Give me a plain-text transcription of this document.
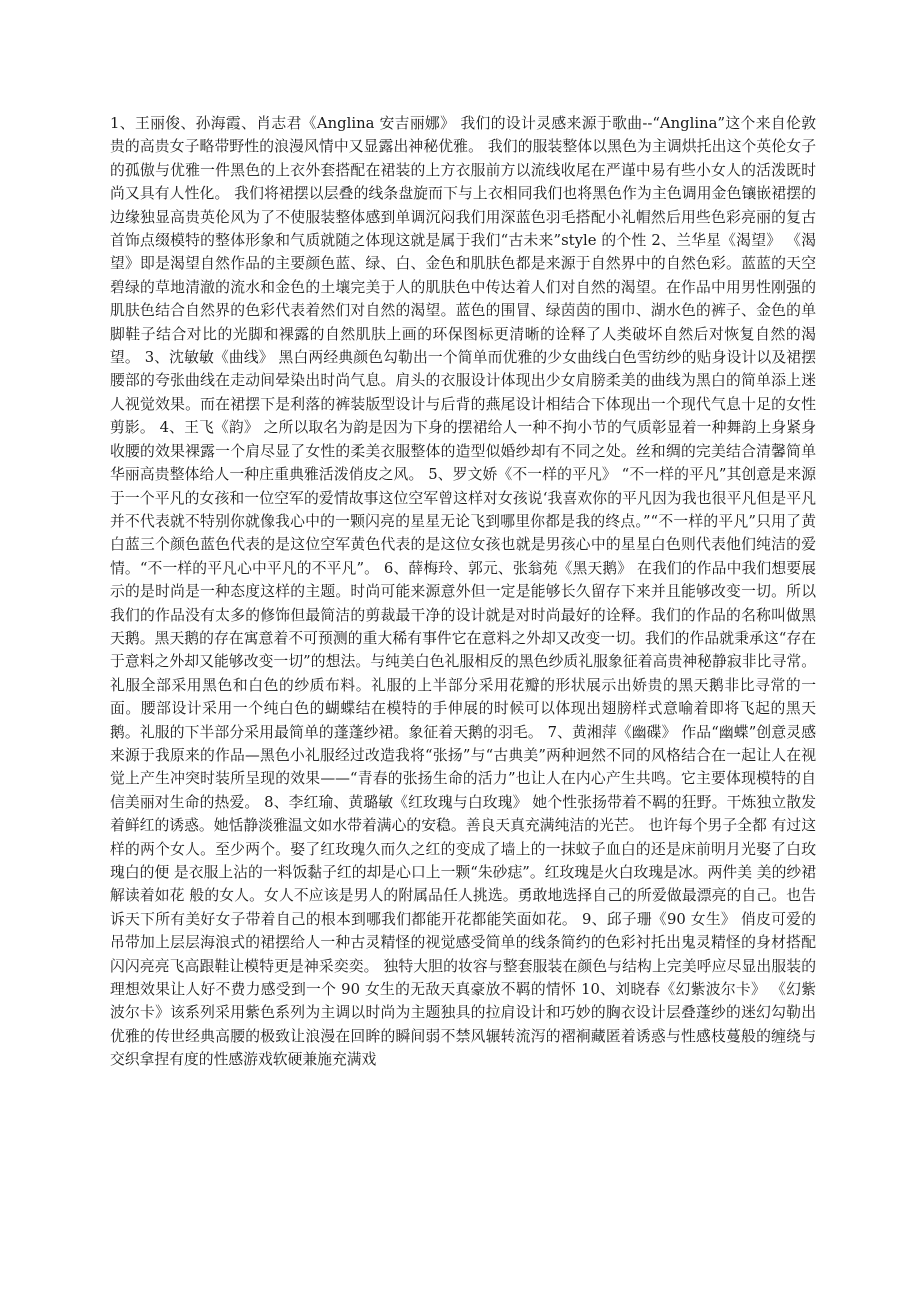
1、王丽俊、孙海霞、肖志君《Anglina 安吉丽娜》 我们的设计灵感来源于歌曲--“Anglina”这个来自伦敦贵的高贵女子略带野性的浪漫风情中又显露出神秘优雅。 我们的服装整体以黑色为主调烘托出这个英伦女子的孤傲与优雅一件黑色的上衣外套搭配在裙装的上方衣服前方以流线收尾在严谨中易有些小女人的活泼既时尚又具有人性化。 我们将裙摆以层叠的线条盘旋而下与上衣相同我们也将黑色作为主色调用金色镶嵌裙摆的边缘独显高贵英伦风为了不使服装整体感到单调沉闷我们用深蓝色羽毛搭配小礼帽然后用些色彩亮丽的复古首饰点缀模特的整体形象和气质就随之体现这就是属于我们“古未来”style 的个性 2、兰华星《渴望》 《渴望》即是渴望自然作品的主要颜色蓝、绿、白、金色和肌肤色都是来源于自然界中的自然色彩。蓝蓝的天空碧绿的草地清澈的流水和金色的土壤完美于人的肌肤色中传达着人们对自然的渴望。在作品中用男性刚强的肌肤色结合自然界的色彩代表着然们对自然的渴望。蓝色的围冒、绿茵茵的围巾、湖水色的裤子、金色的单脚鞋子结合对比的光脚和裸露的自然肌肤上画的环保图标更清晰的诠释了人类破坏自然后对恢复自然的渴望。 3、沈敏敏《曲线》 黑白两经典颜色勾勒出一个简单而优雅的少女曲线白色雪纺纱的贴身设计以及裙摆腰部的夸张曲线在走动间晕染出时尚气息。肩头的衣服设计体现出少女肩膀柔美的曲线为黑白的简单添上迷人视觉效果。而在裙摆下是利落的裤装版型设计与后背的燕尾设计相结合下体现出一个现代气息十足的女性剪影。 4、王飞《韵》 之所以取名为韵是因为下身的摆裙给人一种不拘小节的气质彰显着一种舞韵上身紧身收腰的效果裸露一个肩尽显了女性的柔美衣服整体的造型似婚纱却有不同之处。丝和绸的完美结合清馨简单华丽高贵整体给人一种庄重典雅活泼俏皮之风。 5、罗文娇《不一样的平凡》 “不一样的平凡”其创意是来源于一个平凡的女孩和一位空军的爱情故事这位空军曾这样对女孩说‘我喜欢你的平凡因为我也很平凡但是平凡并不代表就不特别你就像我心中的一颗闪亮的星星无论飞到哪里你都是我的终点。”“不一样的平凡”只用了黄白蓝三个颜色蓝色代表的是这位空军黄色代表的是这位女孩也就是男孩心中的星星白色则代表他们纯洁的爱情。“不一样的平凡心中平凡的不平凡”。 6、薛梅玲、郭元、张翁苑《黑天鹅》 在我们的作品中我们想要展示的是时尚是一种态度这样的主题。时尚可能来源意外但一定是能够长久留存下来并且能够改变一切。所以我们的作品没有太多的修饰但最简洁的剪裁最干净的设计就是对时尚最好的诠释。我们的作品的名称叫做黑天鹅。黑天鹅的存在寓意着不可预测的重大稀有事件它在意料之外却又改变一切。我们的作品就秉承这“存在于意料之外却又能够改变一切”的想法。与纯美白色礼服相反的黑色纱质礼服象征着高贵神秘静寂非比寻常。礼服全部采用黑色和白色的纱质布料。礼服的上半部分采用花瓣的形状展示出娇贵的黑天鹅非比寻常的一面。腰部设计采用一个纯白色的蝴蝶结在模特的手伸展的时候可以体现出翅膀样式意喻着即将飞起的黑天鹅。礼服的下半部分采用最简单的蓬蓬纱裙。象征着天鹅的羽毛。 7、黄湘萍《幽碟》 作品“幽蝶”创意灵感来源于我原来的作品—黑色小礼服经过改造我将“张扬”与“古典美”两种迥然不同的风格结合在一起让人在视觉上产生冲突时装所呈现的效果——“青春的张扬生命的活力”也让人在内心产生共鸣。它主要体现模特的自信美丽对生命的热爱。 8、李红瑜、黄璐敏《红玫瑰与白玫瑰》 她个性张扬带着不羁的狂野。干炼独立散发着鲜红的诱惑。她恬静淡雅温文如水带着满心的安稳。善良天真充满纯洁的光芒。 也许每个男子全都 有过这样的两个女人。至少两个。娶了红玫瑰久而久之红的变成了墙上的一抹蚊子血白的还是床前明月光娶了白玫瑰白的便 是衣服上沾的一料饭黏子红的却是心口上一颗“朱砂痣”。红玫瑰是火白玫瑰是冰。两件美 美的纱裙解读着如花 般的女人。女人不应该是男人的附属品任人挑选。勇敢地选择自己的所爱做最漂亮的自己。也告诉天下所有美好女子带着自己的根本到哪我们都能开花都能笑面如花。 9、邱子珊《90 女生》 俏皮可爱的吊带加上层层海浪式的裙摆给人一种古灵精怪的视觉感受简单的线条简约的色彩衬托出鬼灵精怪的身材搭配闪闪亮亮飞高跟鞋让模特更是神采奕奕。 独特大胆的妆容与整套服装在颜色与结构上完美呼应尽显出服装的理想效果让人好不费力感受到一个 90 女生的无敌天真豪放不羁的情怀 10、刘晓春《幻紫波尔卡》 《幻紫波尔卡》该系列采用紫色系列为主调以时尚为主题独具的拉肩设计和巧妙的胸衣设计层叠蓬纱的迷幻勾勒出优雅的传世经典高腰的极致让浪漫在回眸的瞬间弱不禁风辗转流泻的褶裥藏匿着诱惑与性感枝蔓般的缠绕与交织拿捏有度的性感游戏软硬兼施充满戏
